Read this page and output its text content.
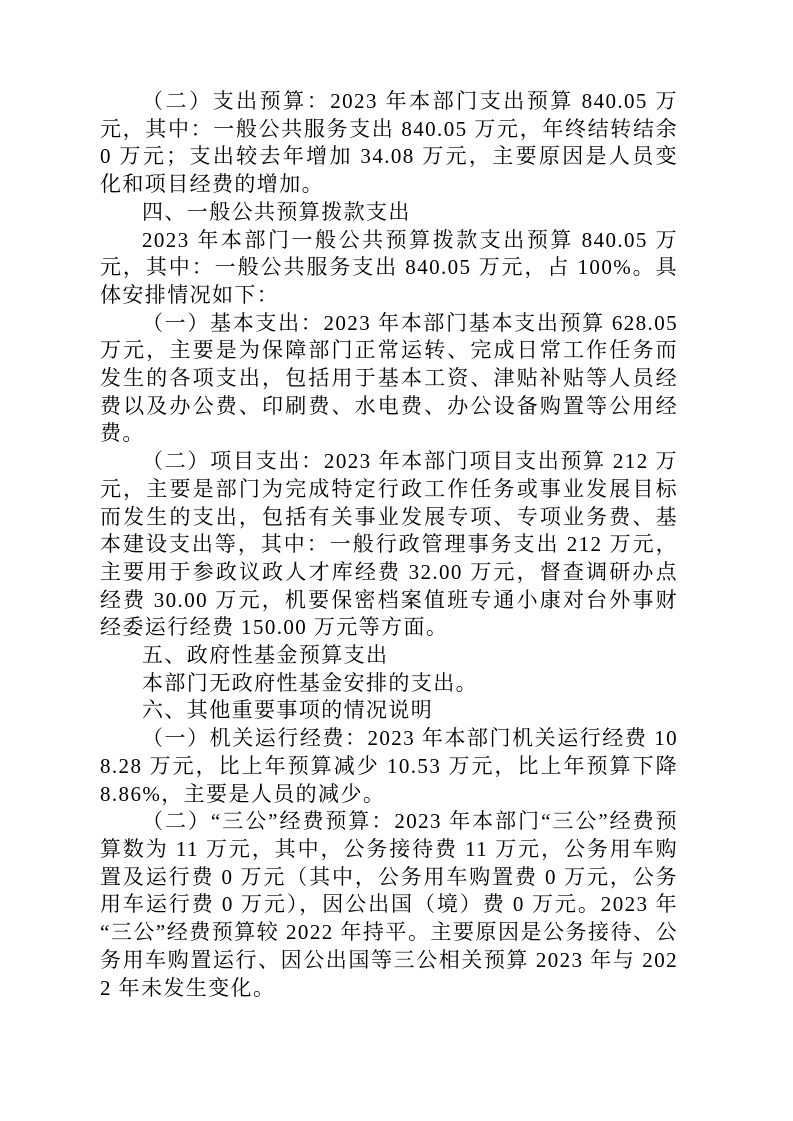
（二）支出预算：2023 年本部门支出预算 840.05 万元，其中：一般公共服务支出 840.05 万元，年终结转结余 0 万元；支出较去年增加 34.08 万元，主要原因是人员变化和项目经费的增加。

四、一般公共预算拨款支出

2023 年本部门一般公共预算拨款支出预算 840.05 万元，其中：一般公共服务支出 840.05 万元，占 100%。具体安排情况如下：

（一）基本支出：2023 年本部门基本支出预算 628.05 万元，主要是为保障部门正常运转、完成日常工作任务而发生的各项支出，包括用于基本工资、津贴补贴等人员经费以及办公费、印刷费、水电费、办公设备购置等公用经费。

（二）项目支出：2023 年本部门项目支出预算 212 万元，主要是部门为完成特定行政工作任务或事业发展目标而发生的支出，包括有关事业发展专项、专项业务费、基本建设支出等，其中：一般行政管理事务支出 212 万元，主要用于参政议政人才库经费 32.00 万元，督查调研办点经费 30.00 万元，机要保密档案值班专通小康对台外事财经委运行经费 150.00 万元等方面。

五、政府性基金预算支出

本部门无政府性基金安排的支出。

六、其他重要事项的情况说明

（一）机关运行经费：2023 年本部门机关运行经费 108.28 万元，比上年预算减少 10.53 万元，比上年预算下降 8.86%，主要是人员的减少。

（二）“三公”经费预算：2023 年本部门“三公”经费预算数为 11 万元，其中，公务接待费 11 万元，公务用车购置及运行费 0 万元（其中，公务用车购置费 0 万元，公务用车运行费 0 万元），因公出国（境）费 0 万元。2023 年“三公”经费预算较 2022 年持平。主要原因是公务接待、公务用车购置运行、因公出国等三公相关预算 2023 年与 2022 年未发生变化。
